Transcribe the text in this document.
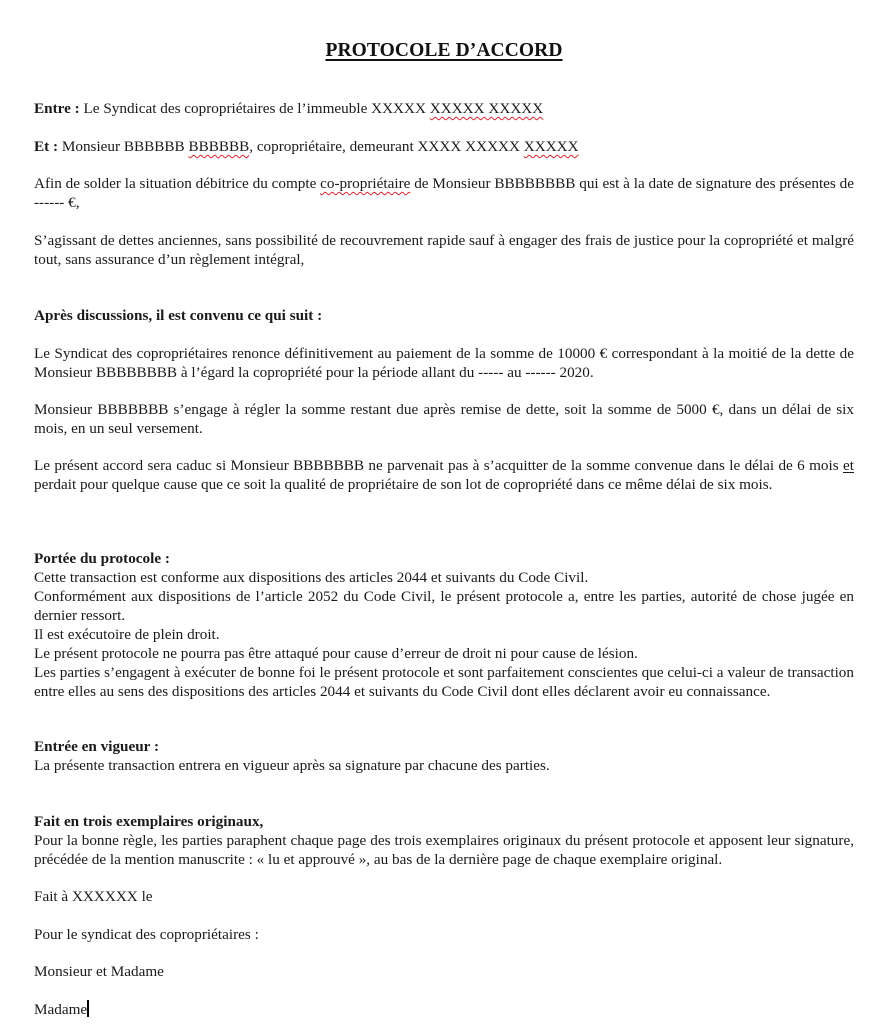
PROTOCOLE D’ACCORD

Entre : Le Syndicat des copropriétaires de l’immeuble XXXXX XXXXX XXXXX

Et : Monsieur BBBBBB BBBBBB, copropriétaire, demeurant XXXX XXXXX XXXXX

Afin de solder la situation débitrice du compte co-propriétaire de Monsieur BBBBBBBB qui est à la date de signature des présentes de ------ €,

S’agissant de dettes anciennes, sans possibilité de recouvrement rapide sauf à engager des frais de justice pour la copropriété et malgré tout, sans assurance d’un règlement intégral,

Après discussions, il est convenu ce qui suit :

Le Syndicat des copropriétaires renonce définitivement au paiement de la somme de 10000 € correspondant à la moitié de la dette de Monsieur BBBBBBBB à l’égard la copropriété pour la période allant du ----- au ------ 2020.

Monsieur BBBBBBB s’engage à régler la somme restant due après remise de dette, soit la somme de 5000 €, dans un délai de six mois, en un seul versement.

Le présent accord sera caduc si Monsieur BBBBBBB ne parvenait pas à s’acquitter de la somme convenue dans le délai de 6 mois et perdait pour quelque cause que ce soit la qualité de propriétaire de son lot de copropriété dans ce même délai de six mois.

Portée du protocole :
Cette transaction est conforme aux dispositions des articles 2044 et suivants du Code Civil.
Conformément aux dispositions de l’article 2052 du Code Civil, le présent protocole a, entre les parties, autorité de chose jugée en dernier ressort.
Il est exécutoire de plein droit.
Le présent protocole ne pourra pas être attaqué pour cause d’erreur de droit ni pour cause de lésion.
Les parties s’engagent à exécuter de bonne foi le présent protocole et sont parfaitement conscientes que celui-ci a valeur de transaction entre elles au sens des dispositions des articles 2044 et suivants du Code Civil dont elles déclarent avoir eu connaissance.
Entrée en vigueur :
La présente transaction entrera en vigueur après sa signature par chacune des parties.
Fait en trois exemplaires originaux,
Pour la bonne règle, les parties paraphent chaque page des trois exemplaires originaux du présent protocole et apposent leur signature, précédée de la mention manuscrite : « lu et approuvé », au bas de la dernière page de chaque exemplaire original.

Fait à XXXXXX le

Pour le syndicat des copropriétaires :

Monsieur et Madame

Madame
